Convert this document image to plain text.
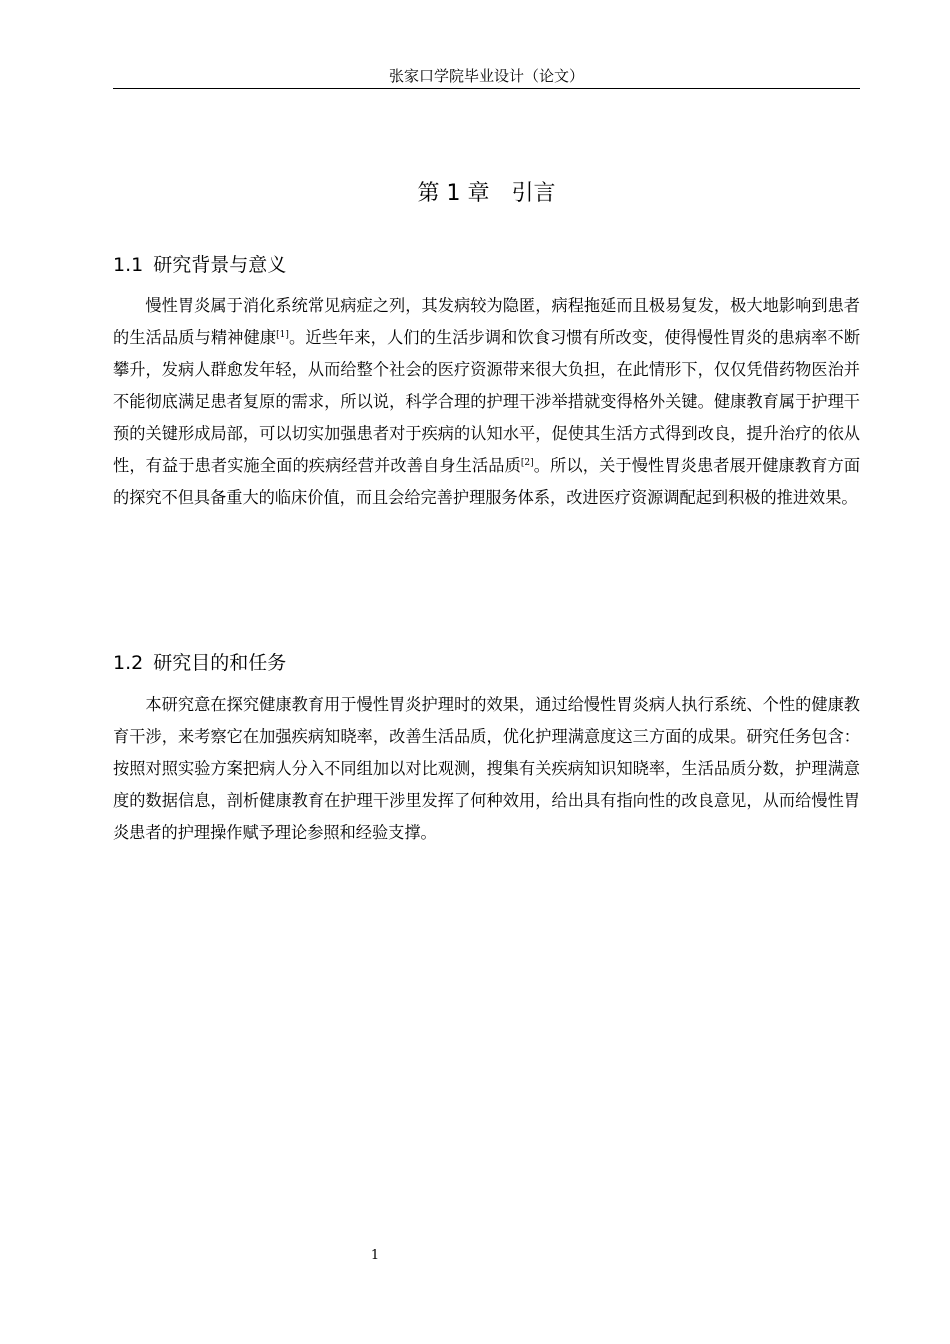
张家口学院毕业设计（论文）
第 1 章 引言
1.1 研究背景与意义

慢性胃炎属于消化系统常见病症之列，其发病较为隐匿，病程拖延而且极易复发，极大地影响到患者的生活品质与精神健康[1]。近些年来，人们的生活步调和饮食习惯有所改变，使得慢性胃炎的患病率不断攀升，发病人群愈发年轻，从而给整个社会的医疗资源带来很大负担，在此情形下，仅仅凭借药物医治并不能彻底满足患者复原的需求，所以说，科学合理的护理干涉举措就变得格外关键。健康教育属于护理干预的关键形成局部，可以切实加强患者对于疾病的认知水平，促使其生活方式得到改良，提升治疗的依从性，有益于患者实施全面的疾病经营并改善自身生活品质[2]。所以，关于慢性胃炎患者展开健康教育方面的探究不但具备重大的临床价值，而且会给完善护理服务体系，改进医疗资源调配起到积极的推进效果。

1.2 研究目的和任务

本研究意在探究健康教育用于慢性胃炎护理时的效果，通过给慢性胃炎病人执行系统、个性的健康教育干涉，来考察它在加强疾病知晓率，改善生活品质，优化护理满意度这三方面的成果。研究任务包含：按照对照实验方案把病人分入不同组加以对比观测，搜集有关疾病知识知晓率，生活品质分数，护理满意度的数据信息，剖析健康教育在护理干涉里发挥了何种效用，给出具有指向性的改良意见，从而给慢性胃炎患者的护理操作赋予理论参照和经验支撑。

1
